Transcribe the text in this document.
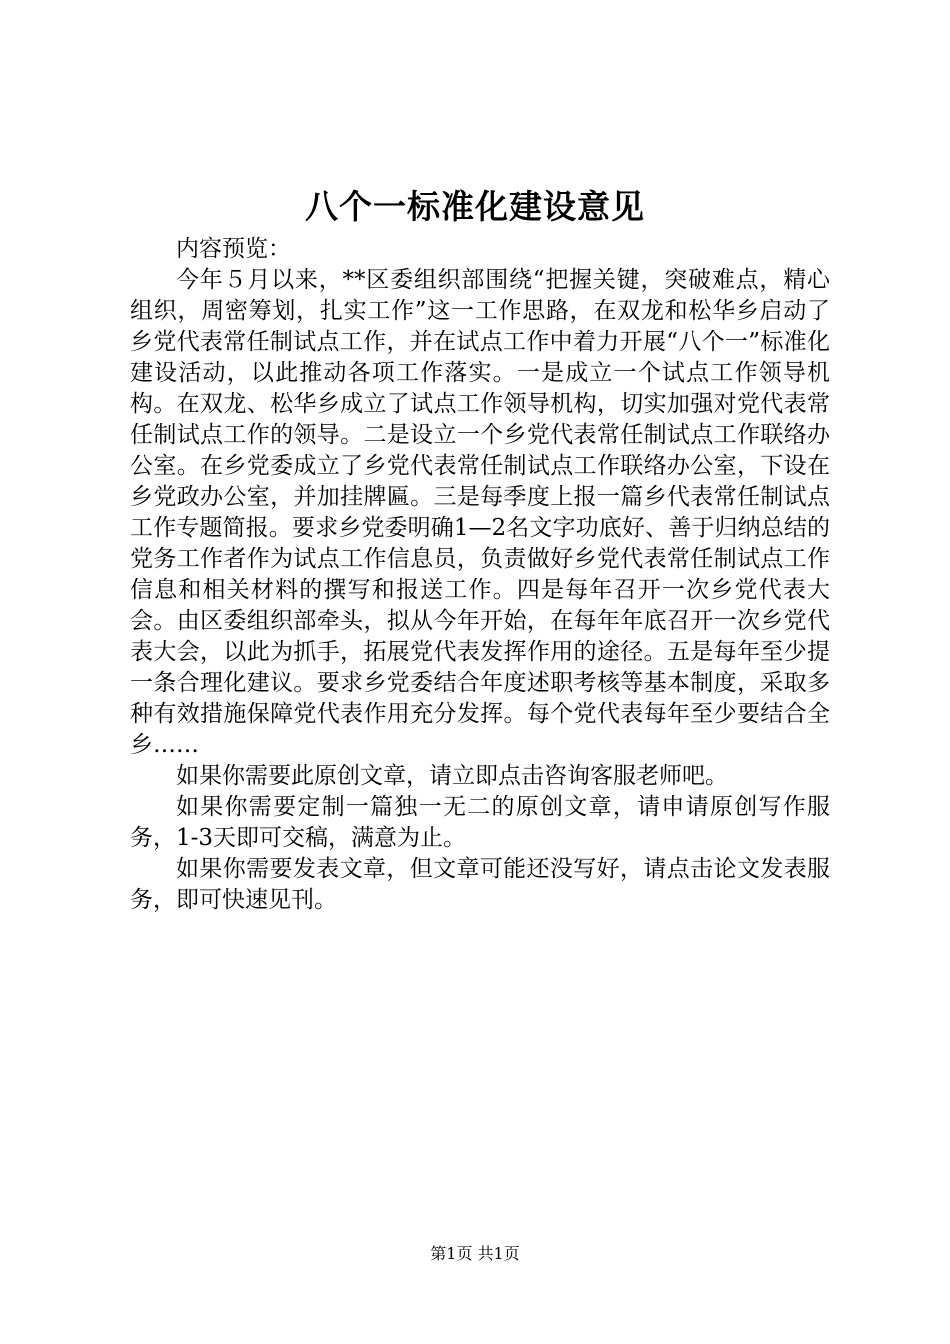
八个一标准化建设意见

内容预览：

今年５月以来，**区委组织部围绕“把握关键，突破难点，精心组织，周密筹划，扎实工作”这一工作思路，在双龙和松华乡启动了乡党代表常任制试点工作，并在试点工作中着力开展“八个一”标准化建设活动，以此推动各项工作落实。一是成立一个试点工作领导机构。在双龙、松华乡成立了试点工作领导机构，切实加强对党代表常任制试点工作的领导。二是设立一个乡党代表常任制试点工作联络办公室。在乡党委成立了乡党代表常任制试点工作联络办公室，下设在乡党政办公室，并加挂牌匾。三是每季度上报一篇乡代表常任制试点工作专题简报。要求乡党委明确1—2名文字功底好、善于归纳总结的党务工作者作为试点工作信息员，负责做好乡党代表常任制试点工作信息和相关材料的撰写和报送工作。四是每年召开一次乡党代表大会。由区委组织部牵头，拟从今年开始，在每年年底召开一次乡党代表大会，以此为抓手，拓展党代表发挥作用的途径。五是每年至少提一条合理化建议。要求乡党委结合年度述职考核等基本制度，采取多种有效措施保障党代表作用充分发挥。每个党代表每年至少要结合全乡……

如果你需要此原创文章，请立即点击咨询客服老师吧。

如果你需要定制一篇独一无二的原创文章，请申请原创写作服务，1-3天即可交稿，满意为止。

如果你需要发表文章，但文章可能还没写好，请点击论文发表服务，即可快速见刊。

第1页 共1页
